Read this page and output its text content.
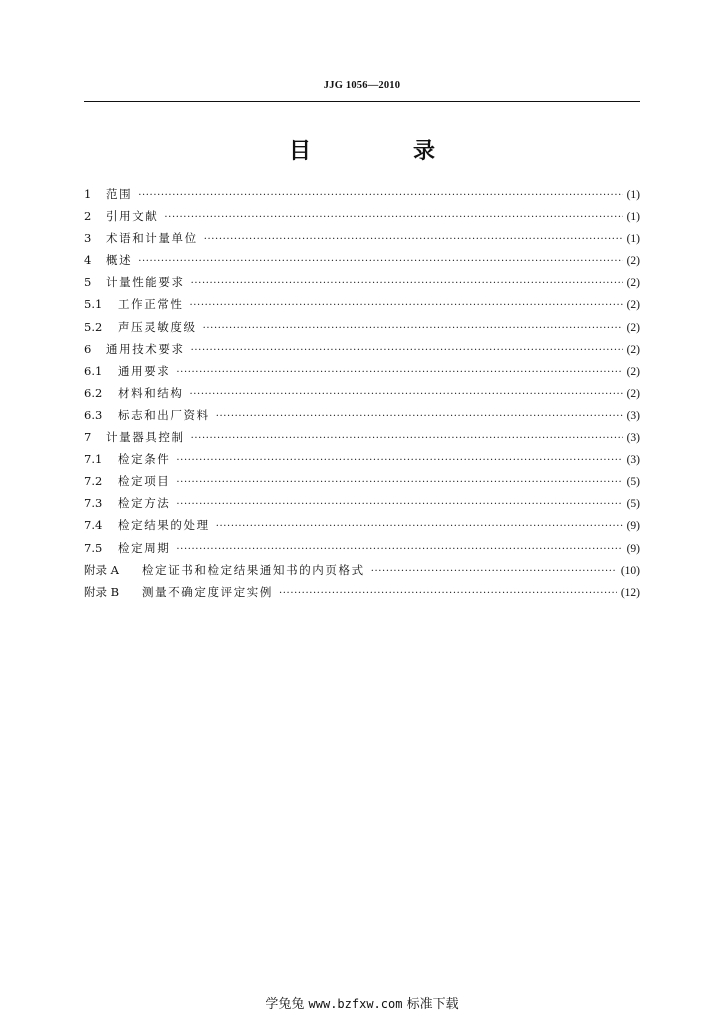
JJG 1056—2010
目　录
1	范围 ·····	(1)
2	引用文献 ·····	(1)
3	术语和计量单位 ·····	(1)
4	概述 ·····	(2)
5	计量性能要求 ·····	(2)
5.1	工作正常性 ·····	(2)
5.2	声压灵敏度级 ·····	(2)
6	通用技术要求 ·····	(2)
6.1	通用要求 ·····	(2)
6.2	材料和结构 ·····	(2)
6.3	标志和出厂资料 ·····	(3)
7	计量器具控制 ·····	(3)
7.1	检定条件 ·····	(3)
7.2	检定项目 ·····	(5)
7.3	检定方法 ·····	(5)
7.4	检定结果的处理 ·····	(9)
7.5	检定周期 ·····	(9)
附录 A	检定证书和检定结果通知书的内页格式 ·····	(10)
附录 B	测量不确定度评定实例 ·····	(12)
学兔兔 www.bzfxw.com 标准下载
